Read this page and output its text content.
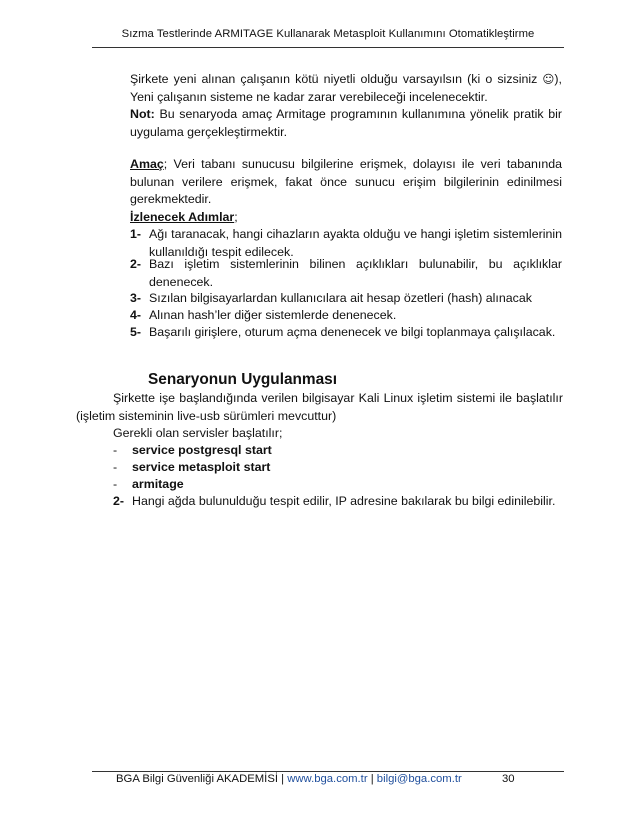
Sızma Testlerinde ARMITAGE Kullanarak Metasploit Kullanımını Otomatikleştirme

Şirkete yeni alınan çalışanın kötü niyetli olduğu varsayılsın (ki o sizsiniz ☺), Yeni çalışanın sisteme ne kadar zarar verebileceği incelenecektir.

Not: Bu senaryoda amaç Armitage programının kullanımına yönelik pratik bir uygulama gerçekleştirmektir.

Amaç; Veri tabanı sunucusu bilgilerine erişmek, dolayısı ile veri tabanında bulunan verilere erişmek, fakat önce sunucu erişim bilgilerinin edinilmesi gerekmektedir.

İzlenecek Adımlar;

1- Ağı taranacak, hangi cihazların ayakta olduğu ve hangi işletim sistemlerinin kullanıldığı tespit edilecek.
2- Bazı işletim sistemlerinin bilinen açıklıkları bulunabilir, bu açıklıklar denenecek.
3- Sızılan bilgisayarlardan kullanıcılara ait hesap özetleri (hash) alınacak
4- Alınan hash’ler diğer sistemlerde denenecek.
5- Başarılı girişlere, oturum açma denenecek ve bilgi toplanmaya çalışılacak.
Senaryonun Uygulanması

Şirkette işe başlandığında verilen bilgisayar Kali Linux işletim sistemi ile başlatılır (işletim sisteminin live-usb sürümleri mevcuttur)

Gerekli olan servisler başlatılır;

- service postgresql start
- service metasploit start
- armitage
2- Hangi ağda bulunulduğu tespit edilir, IP adresine bakılarak bu bilgi edinilebilir.
BGA Bilgi Güvenliği AKADEMİSİ | www.bga.com.tr | bilgi@bga.com.tr	30
